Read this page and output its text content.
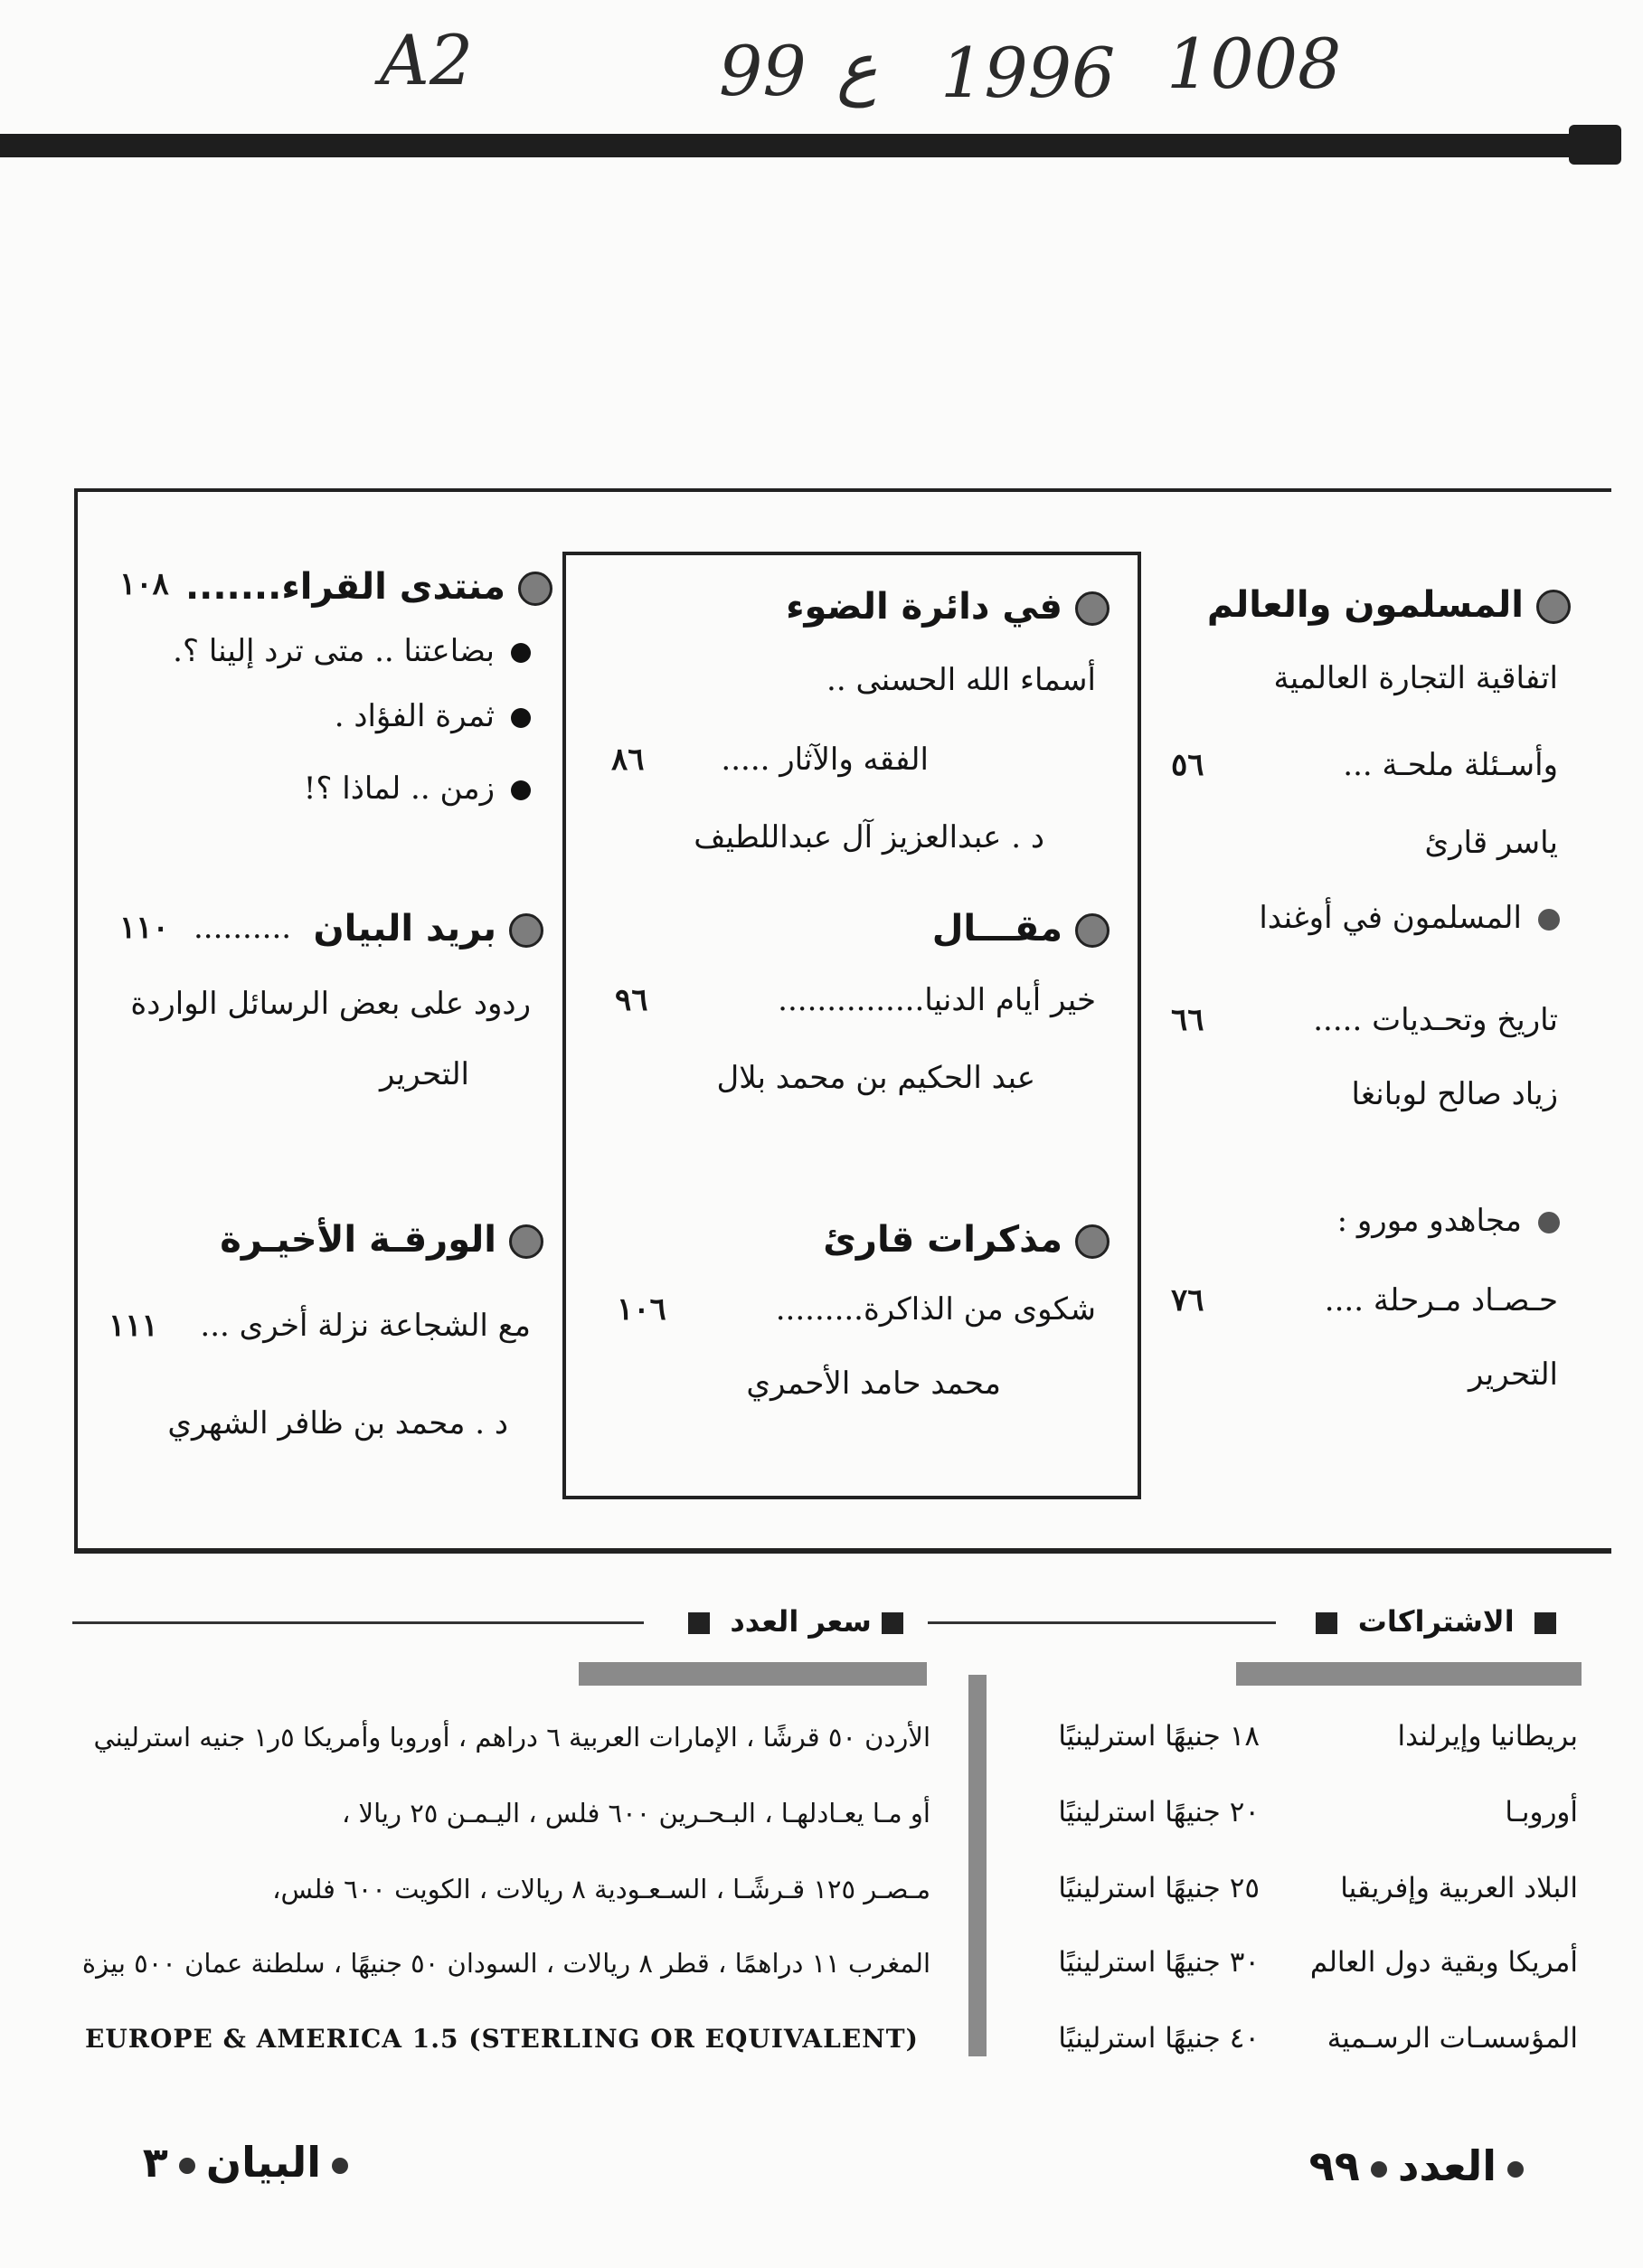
A2	99 ع 1996 1008
المسلمون والعالم
اتفاقية التجارة العالمية
وأسـئلة ملحـة ...
٥٦
ياسر قارئ
المسلمون في أوغندا
تاريخ وتحـديات .....
٦٦
زياد صالح لوبانغا
مجاهدو مورو :
حـصـاد مـرحلة ....
٧٦
التحرير
في دائرة الضوء
أسماء الله الحسنى ..
الفقه والآثار .....
٨٦
د . عبدالعزيز آل عبداللطيف
مقـــال
خير أيام الدنيا...............
٩٦
عبد الحكيم بن محمد بلال
مذكرات قارئ
شكوى من الذاكرة.........
١٠٦
محمد حامد الأحمري
منتدى القراء.......
١٠٨
بضاعتنا .. متى ترد إلينا ؟.
ثمرة الفؤاد .
زمن .. لماذا ؟!
بريد البيان
..........
١١٠
ردود على بعض الرسائل الواردة
التحرير
الورقـة الأخيـرة
مع الشجاعة نزلة أخرى ...
١١١
د . محمد بن ظافر الشهري
الاشتراكات
سعر العدد
بريطانيا وإيرلندا
١٨ جنيهًا استرلينيًا
أوروبـا
٢٠ جنيهًا استرلينيًا
البلاد العربية وإفريقيا
٢٥ جنيهًا استرلينيًا
أمريكا وبقية دول العالم
٣٠ جنيهًا استرلينيًا
المؤسسـات الرسـمية
٤٠ جنيهًا استرلينيًا
الأردن ٥٠ قرشًا ، الإمارات العربية ٦ دراهم ، أوروبا وأمريكا ٥ر١ جنيه استرليني
أو مـا يعـادلهـا ، البـحـرين ٦٠٠ فلس ، اليـمـن ٢٥ ريالا ،
مـصـر ١٢٥ قـرشًـا ، السـعـودية ٨ ريالات ، الكويت ٦٠٠ فلس،
المغرب ١١ دراهمًا ، قطر ٨ ريالات ، السودان ٥٠ جنيهًا ، سلطنة عمان ٥٠٠ بيزة
EUROPE & AMERICA 1.5 (STERLING OR EQUIVALENT)
العدد٩٩
البيان٣
